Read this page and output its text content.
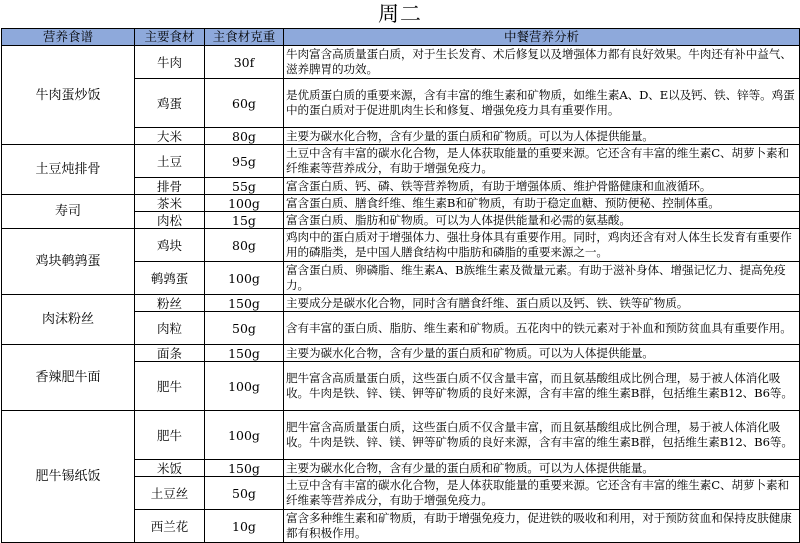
周二
营养食谱	主要食材	主食材克重	中餐营养分析
牛肉蛋炒饭	牛肉	30f	牛肉富含高质量蛋白质，对于生长发育、术后修复以及增强体力都有良好效果。牛肉还有补中益气、滋养脾胃的功效。
	鸡蛋	60g	是优质蛋白质的重要来源，含有丰富的维生素和矿物质，如维生素A、D、E以及钙、铁、锌等。鸡蛋中的蛋白质对于促进肌肉生长和修复、增强免疫力具有重要作用。
	大米	80g	主要为碳水化合物，含有少量的蛋白质和矿物质。可以为人体提供能量。
土豆炖排骨	土豆	95g	土豆中含有丰富的碳水化合物，是人体获取能量的重要来源。它还含有丰富的维生素C、胡萝卜素和纤维素等营养成分，有助于增强免疫力。
	排骨	55g	富含蛋白质、钙、磷、铁等营养物质，有助于增强体质、维护骨骼健康和血液循环。
寿司	茶米	100g	富含蛋白质、膳食纤维、维生素B和矿物质，有助于稳定血糖、预防便秘、控制体重。
	肉松	15g	富含蛋白质、脂肪和矿物质。可以为人体提供能量和必需的氨基酸。
鸡块鹌鹑蛋	鸡块	80g	鸡肉中的蛋白质对于增强体力、强壮身体具有重要作用。同时，鸡肉还含有对人体生长发育有重要作用的磷脂类，是中国人膳食结构中脂肪和磷脂的重要来源之一。
	鹌鹑蛋	100g	富含蛋白质、卵磷脂、维生素A、B族维生素及微量元素。有助于滋补身体、增强记忆力、提高免疫力。
肉沫粉丝	粉丝	150g	主要成分是碳水化合物，同时含有膳食纤维、蛋白质以及钙、铁、铁等矿物质。
	肉粒	50g	含有丰富的蛋白质、脂肪、维生素和矿物质。五花肉中的铁元素对于补血和预防贫血具有重要作用。
香辣肥牛面	面条	150g	主要为碳水化合物，含有少量的蛋白质和矿物质。可以为人体提供能量。
	肥牛	100g	肥牛富含高质量蛋白质，这些蛋白质不仅含量丰富，而且氨基酸组成比例合理，易于被人体消化吸收。牛肉是铁、锌、镁、钾等矿物质的良好来源，含有丰富的维生素B群，包括维生素B12、B6等。
肥牛锡纸饭	肥牛	100g	肥牛富含高质量蛋白质，这些蛋白质不仅含量丰富，而且氨基酸组成比例合理，易于被人体消化吸收。牛肉是铁、锌、镁、钾等矿物质的良好来源，含有丰富的维生素B群，包括维生素B12、B6等。
	米饭	150g	主要为碳水化合物，含有少量的蛋白质和矿物质。可以为人体提供能量。
	土豆丝	50g	土豆中含有丰富的碳水化合物，是人体获取能量的重要来源。它还含有丰富的维生素C、胡萝卜素和纤维素等营养成分，有助于增强免疫力。
	西兰花	10g	富含多种维生素和矿物质，有助于增强免疫力，促进铁的吸收和利用，对于预防贫血和保持皮肤健康都有积极作用。
